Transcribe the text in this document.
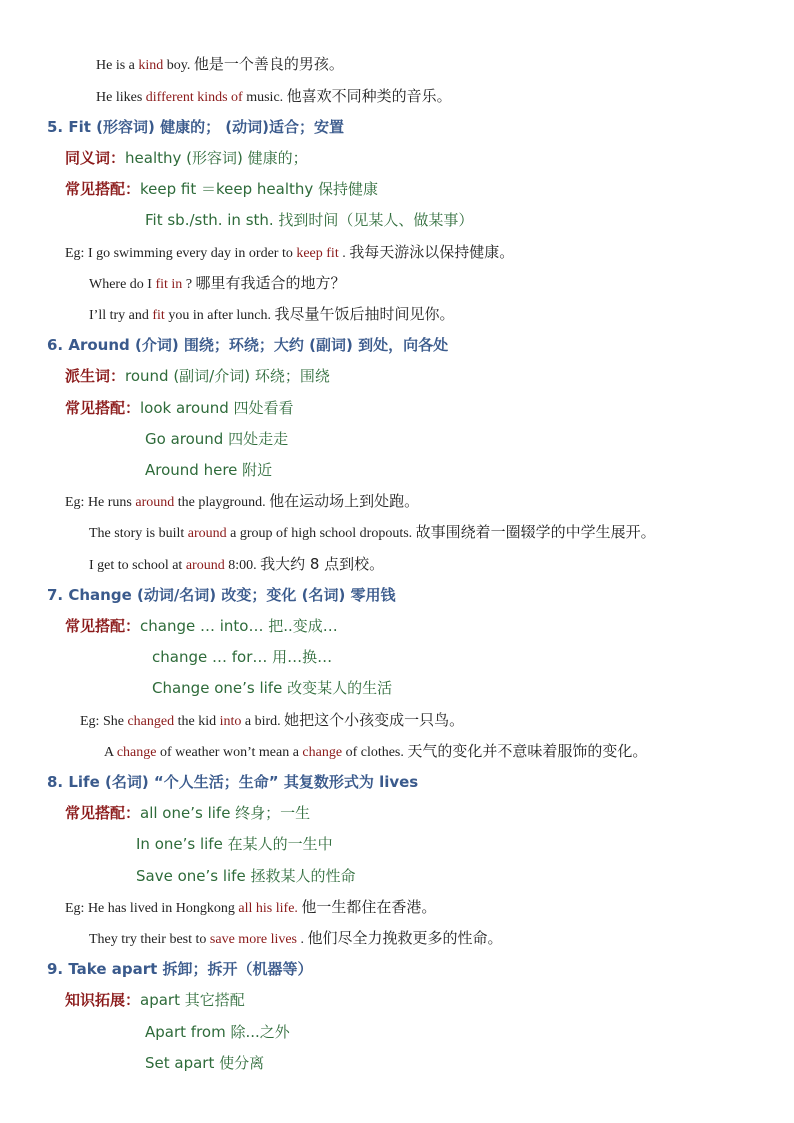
He is a kind boy. 他是一个善良的男孩。
He likes different kinds of music. 他喜欢不同种类的音乐。
5. Fit (形容词) 健康的； (动词)适合；安置
同义词：healthy (形容词) 健康的；
常见搭配：keep fit ＝keep healthy 保持健康
Fit sb./sth. in sth. 找到时间（见某人、做某事）
Eg: I go swimming every day in order to keep fit . 我每天游泳以保持健康。
Where do I fit in ? 哪里有我适合的地方？
I’ll try and fit you in after lunch. 我尽量午饭后抽时间见你。
6. Around (介词) 围绕；环绕；大约 (副词) 到处，向各处
派生词：round (副词/介词) 环绕；围绕
常见搭配：look around 四处看看
Go around 四处走走
Around here 附近
Eg: He runs around the playground. 他在运动场上到处跑。
The story is built around a group of high school dropouts. 故事围绕着一圈辍学的中学生展开。
I get to school at around 8:00. 我大约 8 点到校。
7. Change (动词/名词) 改变；变化 (名词) 零用钱
常见搭配：change … into… 把..变成…
change … for… 用…换…
Change one’s life 改变某人的生活
Eg: She changed the kid into a bird. 她把这个小孩变成一只鸟。
A change of weather won’t mean a change of clothes. 天气的变化并不意味着服饰的变化。
8. Life (名词) “个人生活；生命” 其复数形式为 lives
常见搭配：all one’s life 终身；一生
In one’s life 在某人的一生中
Save one’s life 拯救某人的性命
Eg: He has lived in Hongkong all his life. 他一生都住在香港。
They try their best to save more lives . 他们尽全力挽救更多的性命。
9. Take apart 拆卸；拆开（机器等）
知识拓展：apart 其它搭配
Apart from 除...之外
Set apart 使分离
